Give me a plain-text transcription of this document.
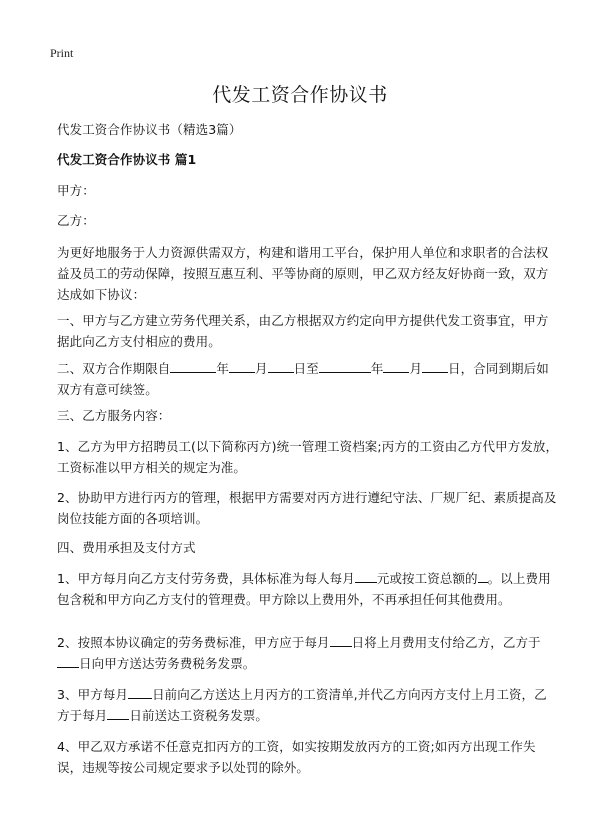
Print
代发工资合作协议书

代发工资合作协议书（精选3篇）

代发工资合作协议书 篇1

甲方：

乙方：

为更好地服务于人力资源供需双方，构建和谐用工平台，保护用人单位和求职者的合法权益及员工的劳动保障，按照互惠互利、平等协商的原则，甲乙双方经友好协商一致，双方达成如下协议：

一、甲方与乙方建立劳务代理关系，由乙方根据双方约定向甲方提供代发工资事宜，甲方据此向乙方支付相应的费用。

二、双方合作期限自	年 月 日至	年 月 日，合同到期后如双方有意可续签。

三、乙方服务内容：

1、乙方为甲方招聘员工(以下简称丙方)统一管理工资档案;丙方的工资由乙方代甲方发放，工资标准以甲方相关的规定为准。

2、协助甲方进行丙方的管理，根据甲方需要对丙方进行遵纪守法、厂规厂纪、素质提高及岗位技能方面的各项培训。

四、费用承担及支付方式

1、甲方每月向乙方支付劳务费，具体标准为每人每月 元或按工资总额的 。以上费用包含税和甲方向乙方支付的管理费。甲方除以上费用外，不再承担任何其他费用。

2、按照本协议确定的劳务费标准，甲方应于每月 日将上月费用支付给乙方，乙方于日向甲方送达劳务费税务发票。

3、甲方每月 日前向乙方送达上月丙方的工资清单,并代乙方向丙方支付上月工资，乙方于每月 日前送达工资税务发票。

4、甲乙双方承诺不任意克扣丙方的工资，如实按期发放丙方的工资;如丙方出现工作失误，违规等按公司规定要求予以处罚的除外。
